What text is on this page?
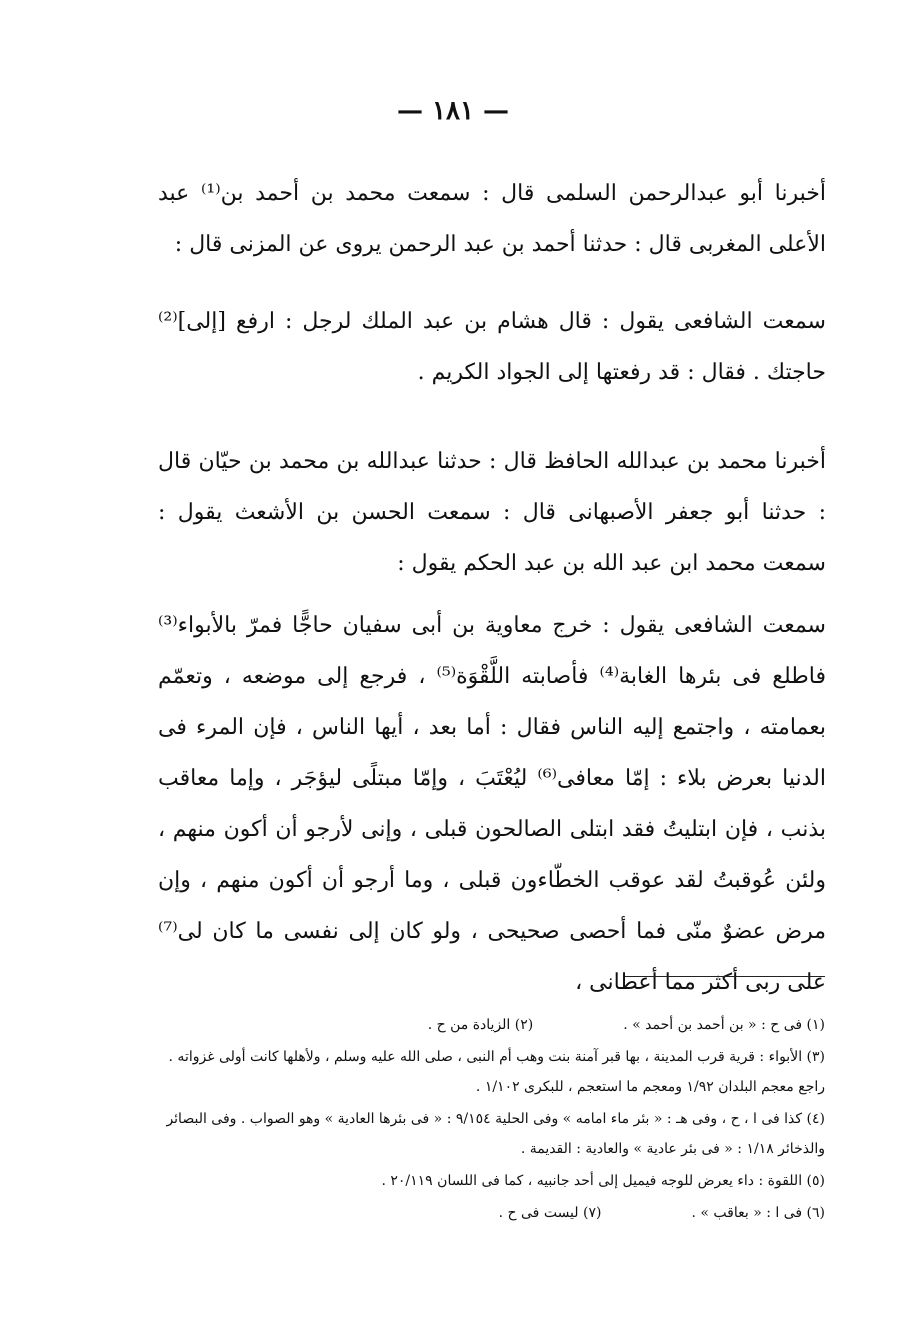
— ١٨١ —

أخبرنا أبو عبدالرحمن السلمى قال : سمعت محمد بن أحمد بن⁽¹⁾ عبد الأعلى المغربى قال : حدثنا أحمد بن عبد الرحمن يروى عن المزنى قال :

سمعت الشافعى يقول : قال هشام بن عبد الملك لرجل : ارفع [إلى]⁽²⁾ حاجتك . فقال : قد رفعتها إلى الجواد الكريم .

أخبرنا محمد بن عبدالله الحافظ قال : حدثنا عبدالله بن محمد بن حيّان قال : حدثنا أبو جعفر الأصبهانى قال : سمعت الحسن بن الأشعث يقول : سمعت محمد ابن عبد الله بن عبد الحكم يقول :

سمعت الشافعى يقول : خرج معاوية بن أبى سفيان حاجًّا فمرّ بالأبواء⁽³⁾ فاطلع فى بئرها الغابة⁽⁴⁾ فأصابته اللَّقْوَة⁽⁵⁾ ، فرجع إلى موضعه ، وتعمّم بعمامته ، واجتمع إليه الناس فقال : أما بعد ، أيها الناس ، فإن المرء فى الدنيا بعرض بلاء : إمّا معافى⁽⁶⁾ ليُعْتَبَ ، وإمّا مبتلًى ليؤجَر ، وإما معاقب بذنب ، فإن ابتليتُ فقد ابتلى الصالحون قبلى ، وإنى لأرجو أن أكون منهم ، ولئن عُوقبتُ لقد عوقب الخطّاءون قبلى ، وما أرجو أن أكون منهم ، وإن مرض عضوٌ منّى فما أحصى صحيحى ، ولو كان إلى نفسى ما كان لى⁽⁷⁾ على ربى أكثر مما أعطانى ،

(١) فى ح : « بن أحمد بن أحمد » .
(٢) الزيادة من ح .

(٣) الأبواء : قرية قرب المدينة ، بها قبر آمنة بنت وهب أم النبى ، صلى الله عليه وسلم ، ولأهلها كانت أولى غزواته . راجع معجم البلدان ١/٩٢ ومعجم ما استعجم ، للبكرى ١/١٠٢ .

(٤) كذا فى ا ، ح ، وفى هـ : « بئر ماء امامه » وفى الحلية ٩/١٥٤ : « فى بئرها العادية » وهو الصواب . وفى البصائر والذخائر ١/١٨ : « فى بئر عادية » والعادية : القديمة .

(٥) اللقوة : داء يعرض للوجه فيميل إلى أحد جانبيه ، كما فى اللسان ٢٠/١١٩ .

(٦) فى ا : « بعاقب » .
(٧) ليست فى ح .
